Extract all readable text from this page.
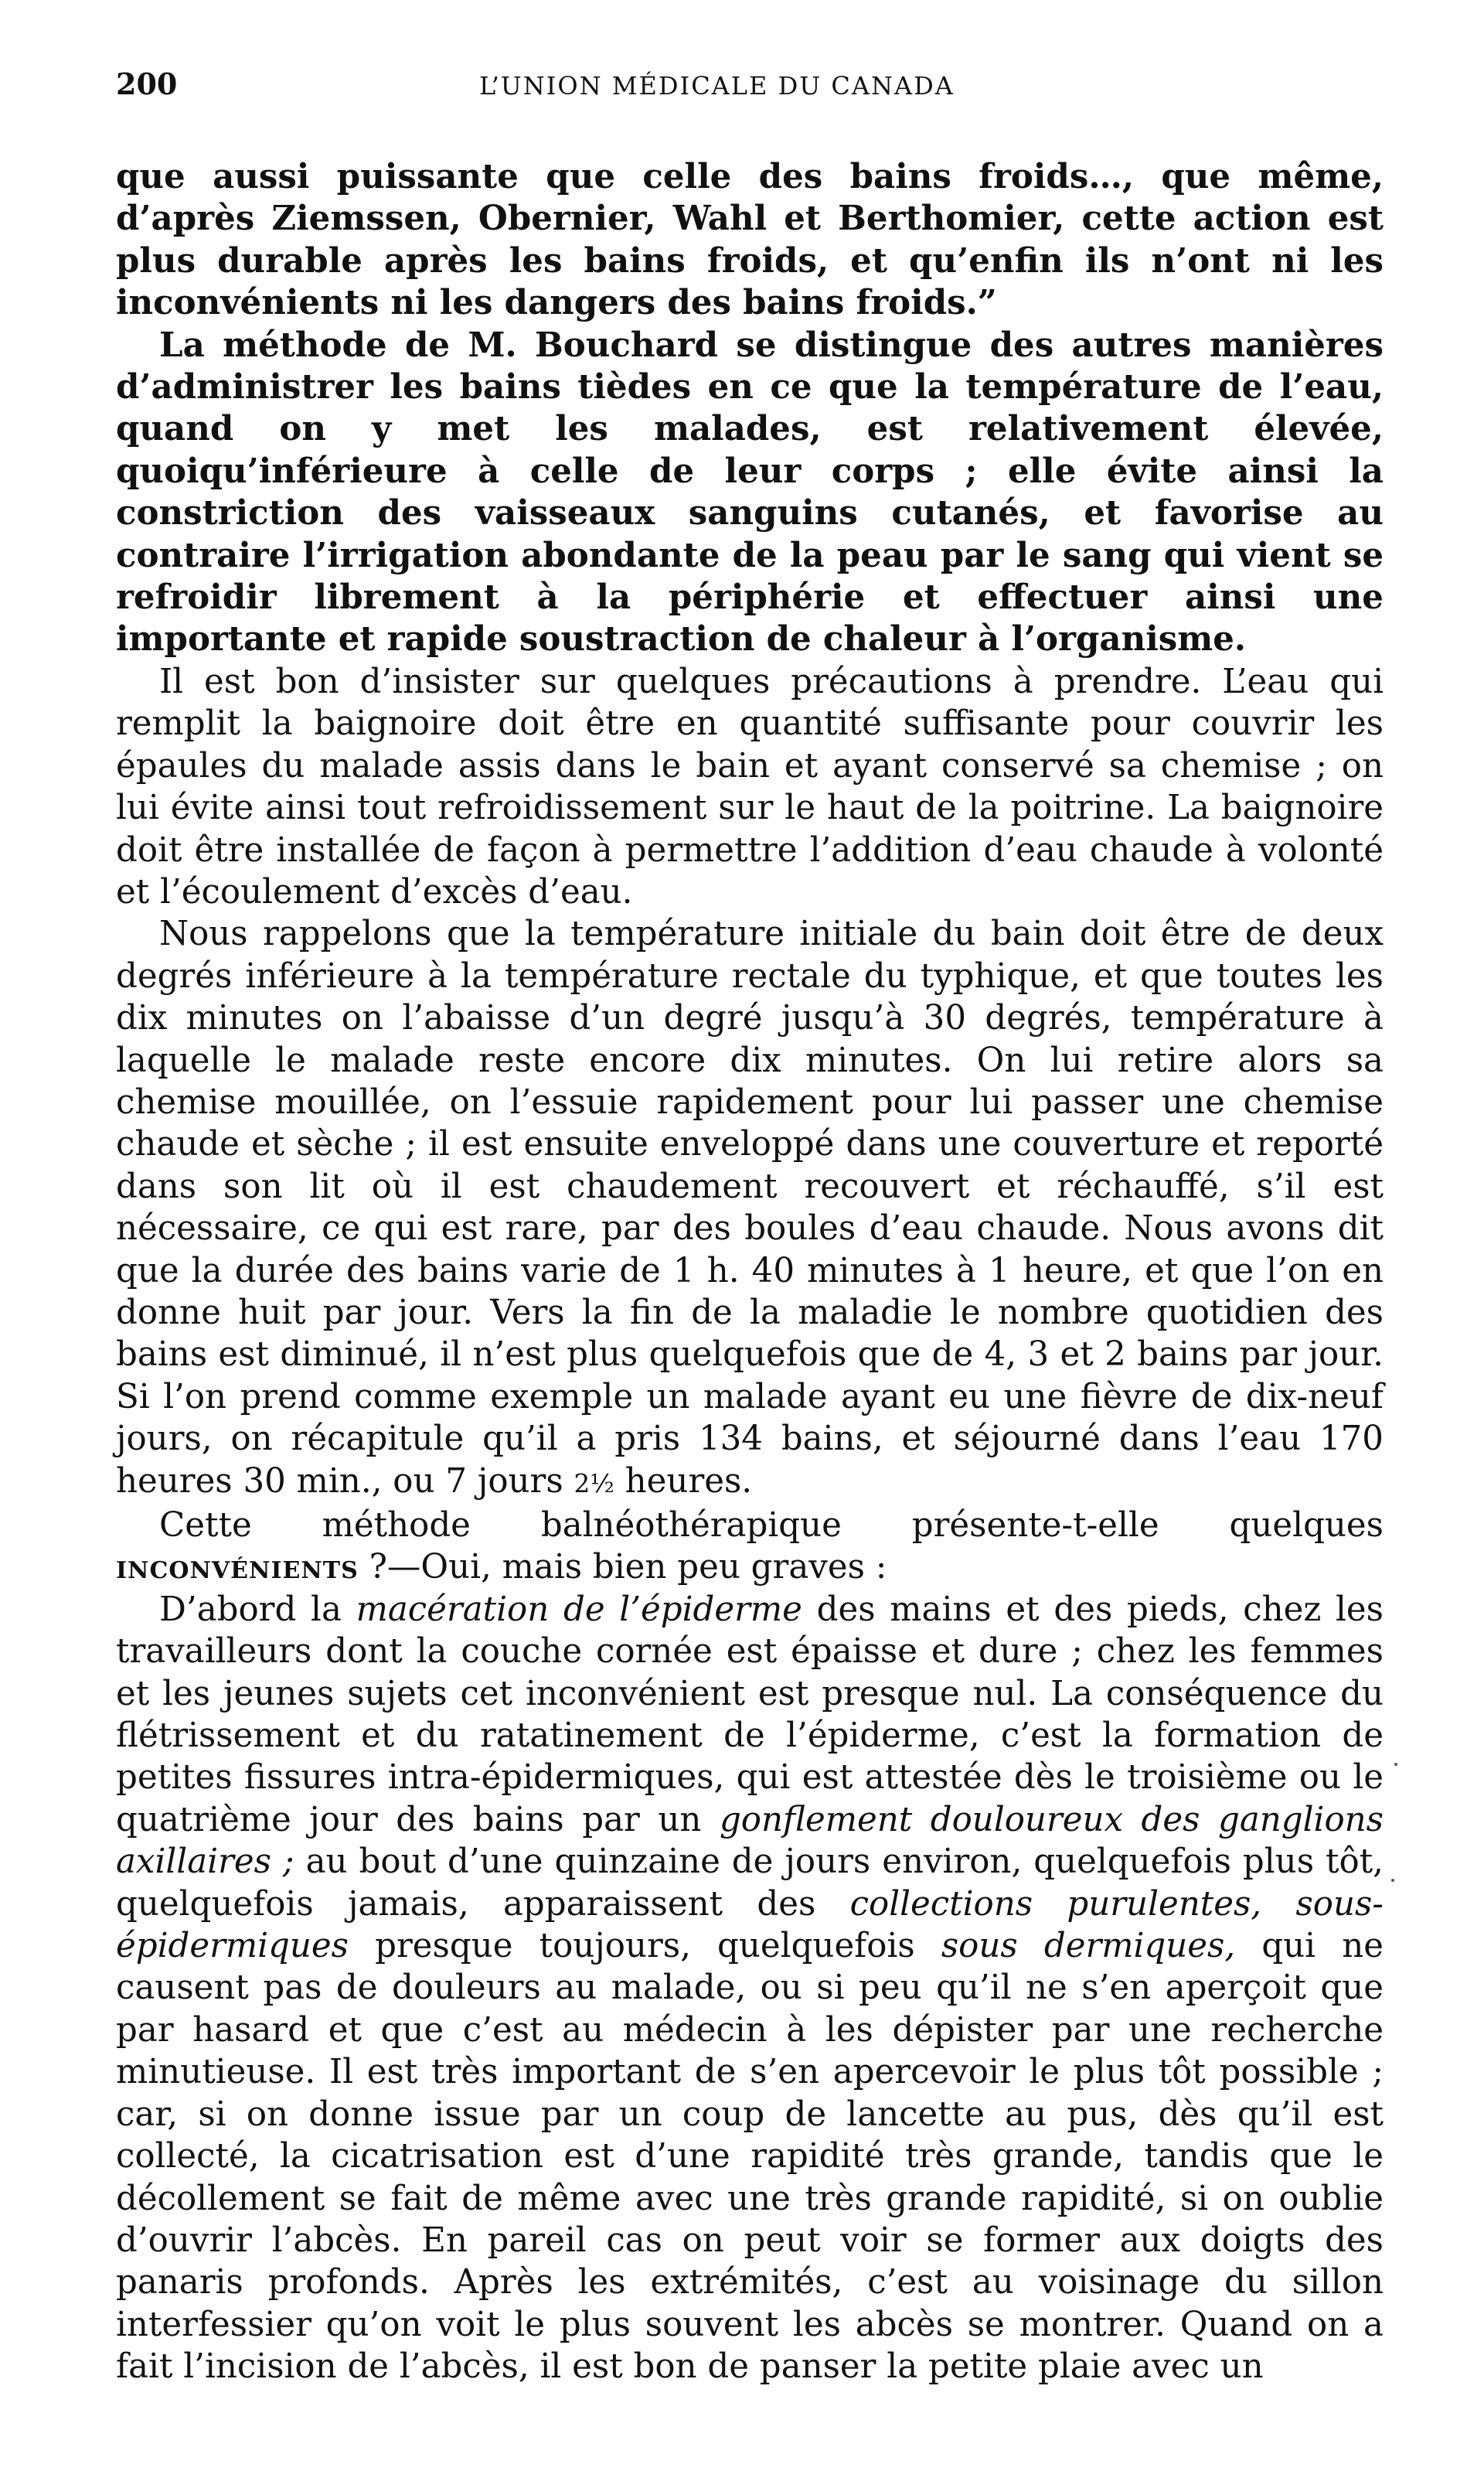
200	L’UNION MÉDICALE DU CANADA

que aussi puissante que celle des bains froids…, que même, d’après Ziemssen, Obernier, Wahl et Berthomier, cette action est plus durable après les bains froids, et qu’enfin ils n’ont ni les inconvénients ni les dangers des bains froids.”

La méthode de M. Bouchard se distingue des autres manières d’administrer les bains tièdes en ce que la température de l’eau, quand on y met les malades, est relativement élevée, quoiqu’inférieure à celle de leur corps ; elle évite ainsi la constriction des vaisseaux sanguins cutanés, et favorise au contraire l’irrigation abondante de la peau par le sang qui vient se refroidir librement à la périphérie et effectuer ainsi une importante et rapide soustraction de chaleur à l’organisme.

Il est bon d’insister sur quelques précautions à prendre. L’eau qui remplit la baignoire doit être en quantité suffisante pour couvrir les épaules du malade assis dans le bain et ayant conservé sa chemise ; on lui évite ainsi tout refroidissement sur le haut de la poitrine. La baignoire doit être installée de façon à permettre l’addition d’eau chaude à volonté et l’écoulement d’excès d’eau.

Nous rappelons que la température initiale du bain doit être de deux degrés inférieure à la température rectale du typhique, et que toutes les dix minutes on l’abaisse d’un degré jusqu’à 30 degrés, température à laquelle le malade reste encore dix minutes. On lui retire alors sa chemise mouillée, on l’essuie rapidement pour lui passer une chemise chaude et sèche ; il est ensuite enveloppé dans une couverture et reporté dans son lit où il est chaudement recouvert et réchauffé, s’il est nécessaire, ce qui est rare, par des boules d’eau chaude. Nous avons dit que la durée des bains varie de 1 h. 40 minutes à 1 heure, et que l’on en donne huit par jour. Vers la fin de la maladie le nombre quotidien des bains est diminué, il n’est plus quelquefois que de 4, 3 et 2 bains par jour. Si l’on prend comme exemple un malade ayant eu une fièvre de dix-neuf jours, on récapitule qu’il a pris 134 bains, et séjourné dans l’eau 170 heures 30 min., ou 7 jours 2½ heures.

Cette méthode balnéothérapique présente-t-elle quelques inconvénients ?—Oui, mais bien peu graves :

D’abord la macération de l’épiderme des mains et des pieds, chez les travailleurs dont la couche cornée est épaisse et dure ; chez les femmes et les jeunes sujets cet inconvénient est presque nul. La conséquence du flétrissement et du ratatinement de l’épiderme, c’est la formation de petites fissures intra-épidermiques, qui est attestée dès le troisième ou le quatrième jour des bains par un gonflement douloureux des ganglions axillaires ; au bout d’une quinzaine de jours environ, quelquefois plus tôt, quelquefois jamais, apparaissent des collections purulentes, sous-épidermiques presque toujours, quelquefois sous dermiques, qui ne causent pas de douleurs au malade, ou si peu qu’il ne s’en aperçoit que par hasard et que c’est au médecin à les dépister par une recherche minutieuse. Il est très important de s’en apercevoir le plus tôt possible ; car, si on donne issue par un coup de lancette au pus, dès qu’il est collecté, la cicatrisation est d’une rapidité très grande, tandis que le décollement se fait de même avec une très grande rapidité, si on oublie d’ouvrir l’abcès. En pareil cas on peut voir se former aux doigts des panaris profonds. Après les extrémités, c’est au voisinage du sillon interfessier qu’on voit le plus souvent les abcès se montrer. Quand on a fait l’incision de l’abcès, il est bon de panser la petite plaie avec un
